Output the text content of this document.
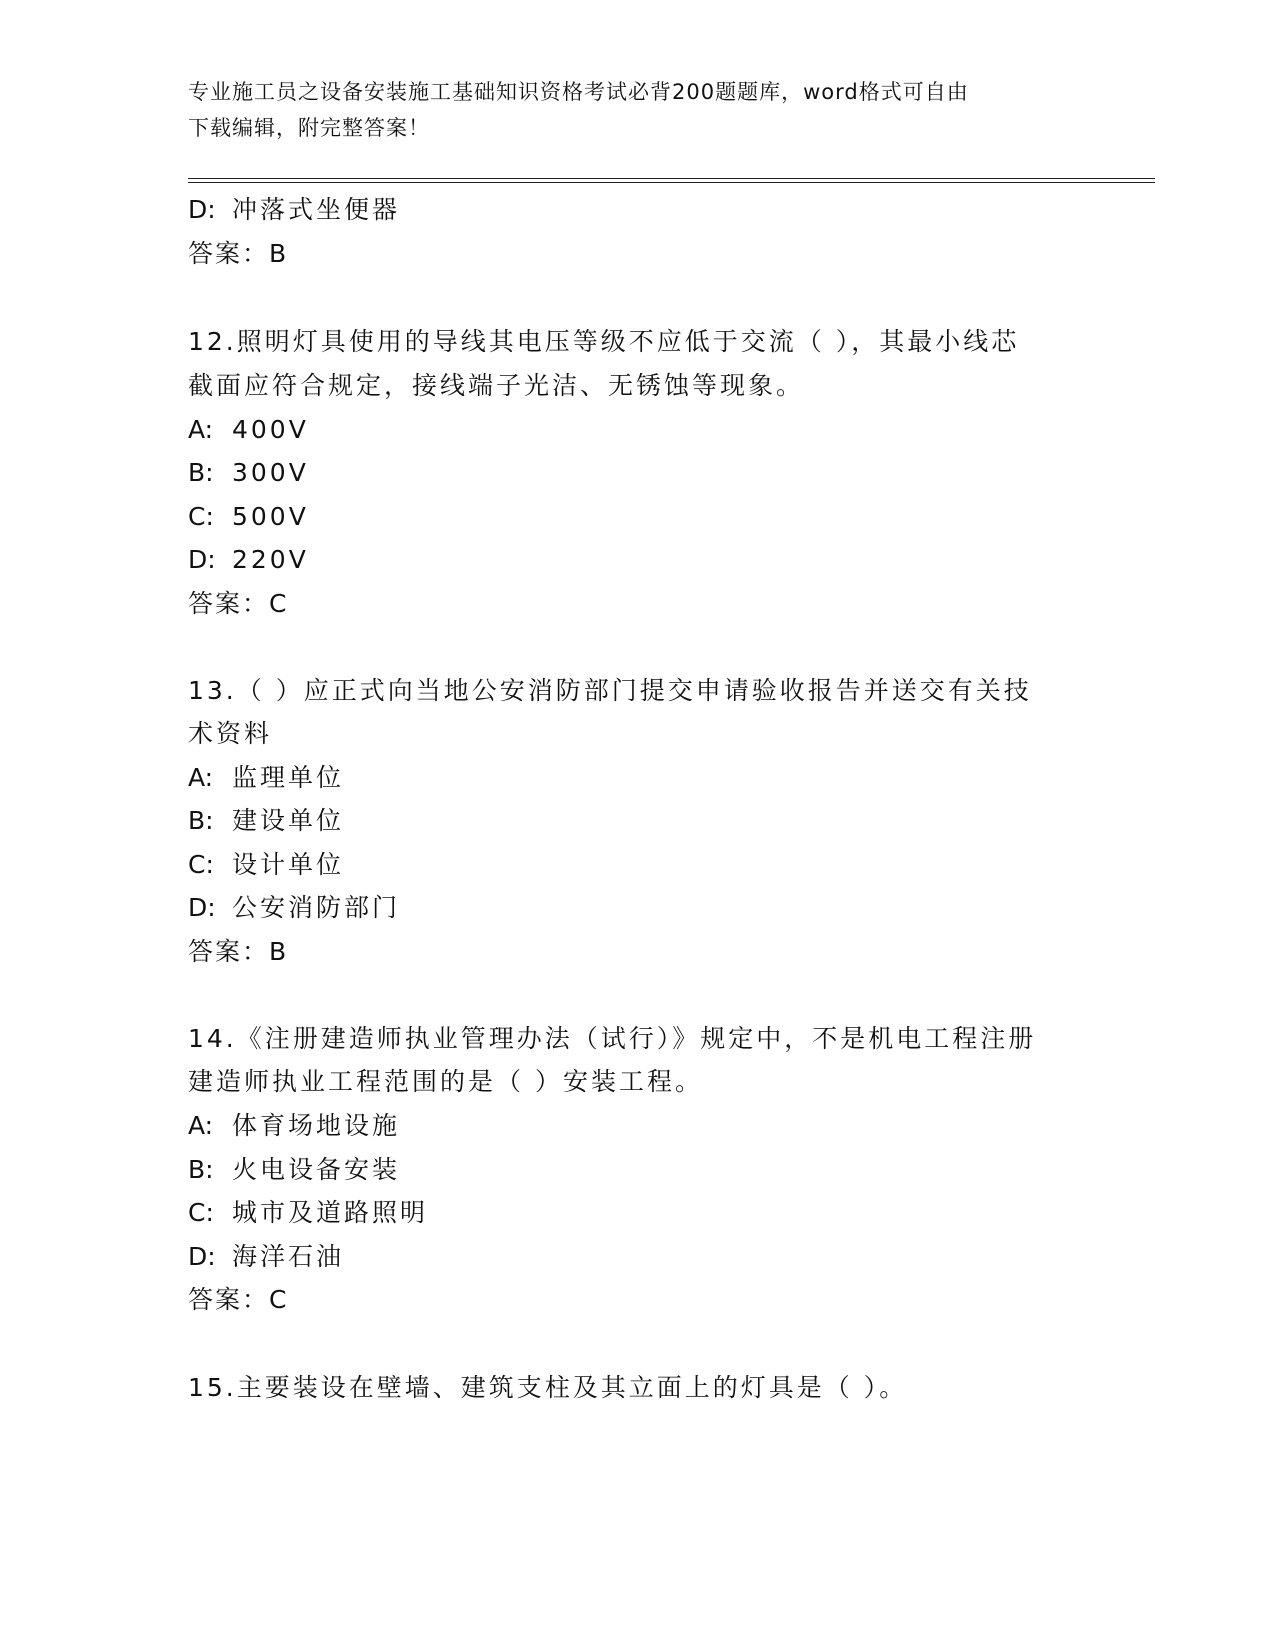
专业施工员之设备安装施工基础知识资格考试必背200题题库，word格式可自由
下载编辑，附完整答案！
D: 冲落式坐便器
答案：B
12.照明灯具使用的导线其电压等级不应低于交流（ ），其最小线芯
截面应符合规定，接线端子光洁、无锈蚀等现象。
A: 400V
B: 300V
C: 500V
D: 220V
答案：C
13.（ ）应正式向当地公安消防部门提交申请验收报告并送交有关技
术资料
A: 监理单位
B: 建设单位
C: 设计单位
D: 公安消防部门
答案：B
14.《注册建造师执业管理办法（试行）》规定中，不是机电工程注册
建造师执业工程范围的是（ ）安装工程。
A: 体育场地设施
B: 火电设备安装
C: 城市及道路照明
D: 海洋石油
答案：C
15.主要装设在壁墙、建筑支柱及其立面上的灯具是（ ）。
